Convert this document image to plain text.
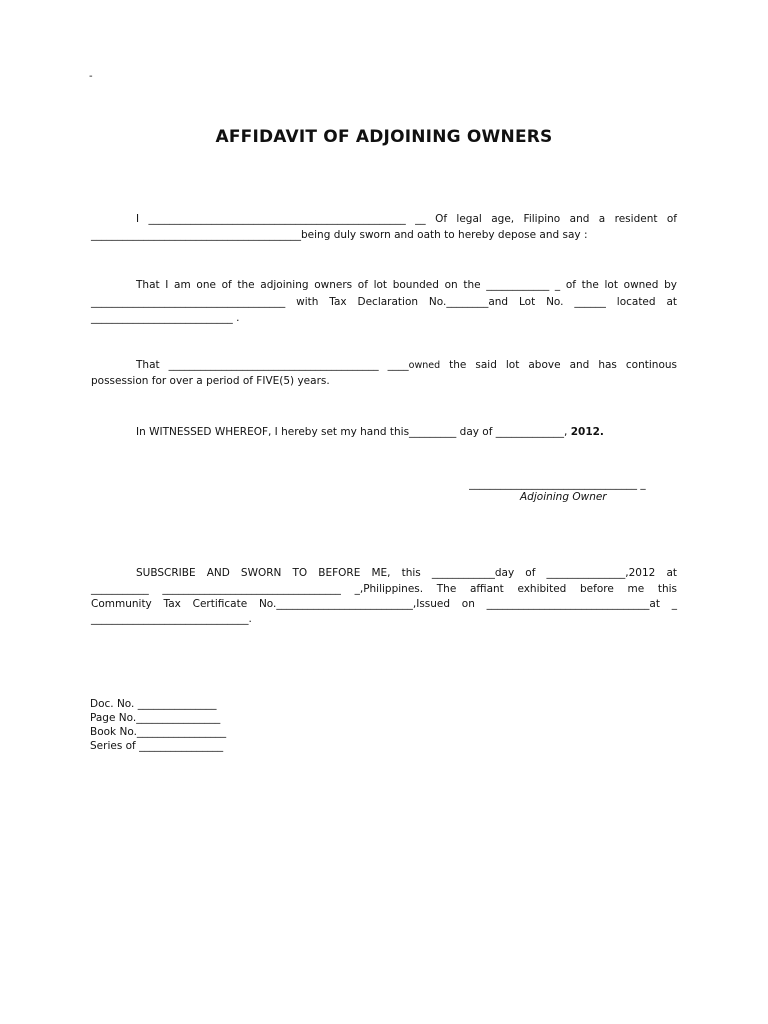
-
AFFIDAVIT OF ADJOINING OWNERS
I _________________________________________________ __ Of legal age, Filipino and a resident of
________________________________________being duly sworn and oath to hereby depose and say :
That I am one of the adjoining owners of lot bounded on the ____________ _ of the lot owned by
_____________________________________ with Tax Declaration No.________and Lot No. ______ located at
___________________________ .
That ________________________________________ ____owned the said lot above and has continous
possession for over a period of FIVE(5) years.
In WITNESSED WHEREOF, I hereby set my hand this_________ day of _____________, 2012.
________________________________ _
Adjoining Owner
SUBSCRIBE AND SWORN TO BEFORE ME, this ____________day of _______________,2012 at
___________ __________________________________ _,Philippines. The affiant exhibited before me this
Community Tax Certificate No.__________________________,Issued on _______________________________at _
______________________________.
Doc. No. _______________
Page No.________________
Book No._________________
Series of ________________
